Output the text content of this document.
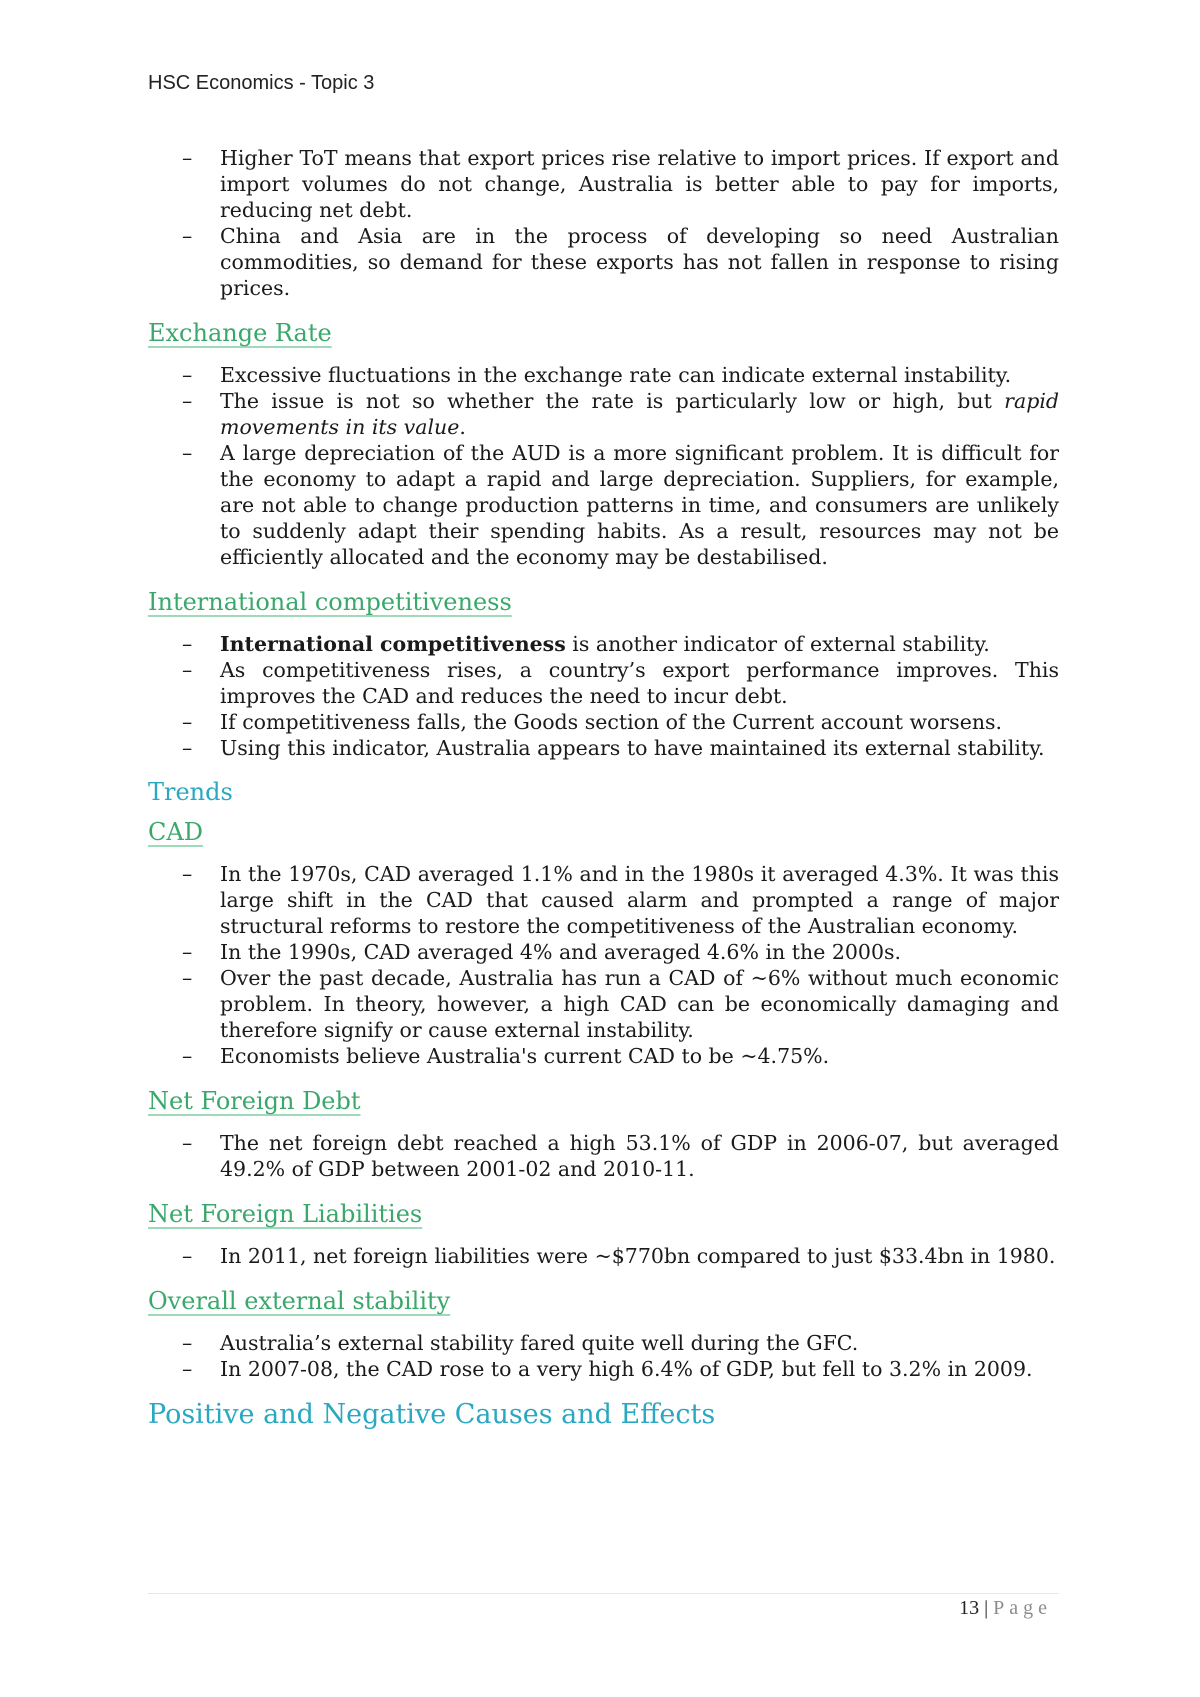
HSC Economics - Topic 3
– Higher ToT means that export prices rise relative to import prices. If export and import volumes do not change, Australia is better able to pay for imports, reducing net debt.
– China and Asia are in the process of developing so need Australian commodities, so demand for these exports has not fallen in response to rising prices.
Exchange Rate
– Excessive fluctuations in the exchange rate can indicate external instability.
– The issue is not so whether the rate is particularly low or high, but rapid movements in its value.
– A large depreciation of the AUD is a more significant problem. It is difficult for the economy to adapt a rapid and large depreciation. Suppliers, for example, are not able to change production patterns in time, and consumers are unlikely to suddenly adapt their spending habits. As a result, resources may not be efficiently allocated and the economy may be destabilised.
International competitiveness
– International competitiveness is another indicator of external stability.
– As competitiveness rises, a country’s export performance improves. This improves the CAD and reduces the need to incur debt.
– If competitiveness falls, the Goods section of the Current account worsens.
– Using this indicator, Australia appears to have maintained its external stability.
Trends
CAD
– In the 1970s, CAD averaged 1.1% and in the 1980s it averaged 4.3%. It was this large shift in the CAD that caused alarm and prompted a range of major structural reforms to restore the competitiveness of the Australian economy.
– In the 1990s, CAD averaged 4% and averaged 4.6% in the 2000s.
– Over the past decade, Australia has run a CAD of ~6% without much economic problem. In theory, however, a high CAD can be economically damaging and therefore signify or cause external instability.
– Economists believe Australia's current CAD to be ~4.75%.
Net Foreign Debt
– The net foreign debt reached a high 53.1% of GDP in 2006-07, but averaged 49.2% of GDP between 2001-02 and 2010-11.
Net Foreign Liabilities
– In 2011, net foreign liabilities were ~$770bn compared to just $33.4bn in 1980.
Overall external stability
– Australia’s external stability fared quite well during the GFC.
– In 2007-08, the CAD rose to a very high 6.4% of GDP, but fell to 3.2% in 2009.
Positive and Negative Causes and Effects
13 | Page
